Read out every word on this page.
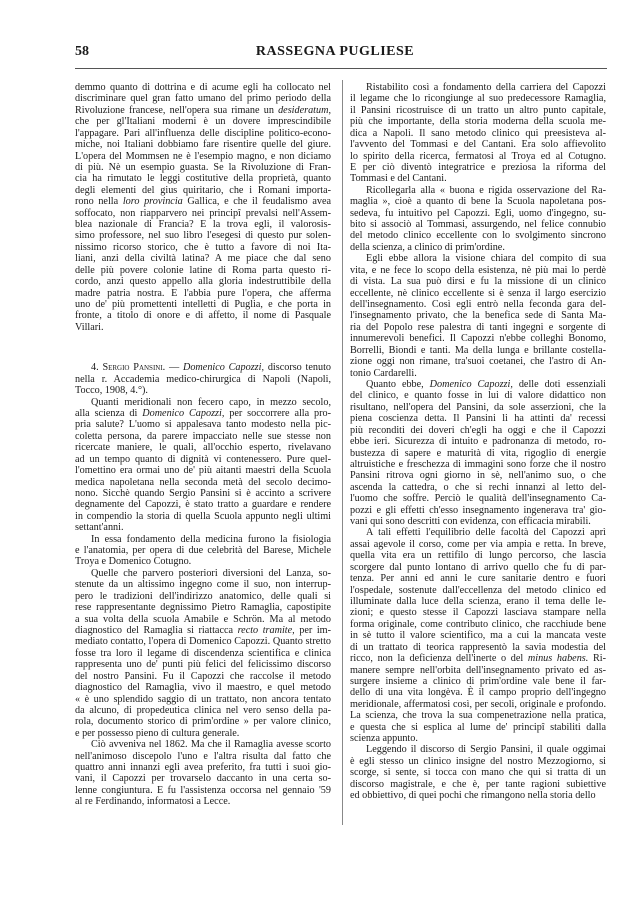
58	RASSEGNA PUGLIESE
demmo quanto di dottrina e di acume egli ha collocato nel
discriminare quel gran fatto umano del primo periodo della
Rivoluzione francese, nell'opera sua rimane un desideratum,
che per gl'Italiani moderni è un dovere imprescindibile
l'appagare. Pari all'influenza delle discipline politico-econo-
miche, noi Italiani dobbiamo fare risentire quelle del giure.
L'opera del Mommsen ne è l'esempio magno, e non diciamo
di più. Nè un esempio guasta. Se la Rivoluzione di Fran-
cia ha rimutato le leggi costitutive della proprietà, quanto
degli elementi del gius quiritario, che i Romani importa-
rono nella loro provincia Gallica, e che il feudalismo avea
soffocato, non riapparvero nei principî prevalsi nell'Assem-
blea nazionale di Francia? E la trova egli, il valorosis-
simo professore, nel suo libro l'esegesi di questo pur solen-
nissimo ricorso storico, che è tutto a favore di noi Ita-
liani, anzi della civiltà latina? A me piace che dal seno
delle più povere colonie latine di Roma parta questo ri-
cordo, anzi questo appello alla gloria indestruttibile della
madre patria nostra. E l'abbia pure l'opera, che afferma
uno de' più promettenti intelletti di Puglia, e che porta in
fronte, a titolo di onore e di affetto, il nome di Pasquale
Villari.
4. Sergio Pansini. — Domenico Capozzi, discorso tenuto
nella r. Accademia medico-chirurgica di Napoli (Napoli,
Tocco, 1908, 4.°).
Quanti meridionali non fecero capo, in mezzo secolo,
alla scienza di Domenico Capozzi, per soccorrere alla pro-
pria salute? L'uomo si appalesava tanto modesto nella pic-
coletta persona, da parere impacciato nelle sue stesse non
ricercate maniere, le quali, all'occhio esperto, rivelavano
ad un tempo quanto di dignità vi contenessero. Pure quel-
l'omettino era ormai uno de' più aitanti maestri della Scuola
medica napoletana nella seconda metà del secolo decimo-
nono. Sicchè quando Sergio Pansini si è accinto a scrivere
degnamente del Capozzi, è stato tratto a guardare e rendere
in compendio la storia di quella Scuola appunto negli ultimi
settant'anni.
In essa fondamento della medicina furono la fisiologia
e l'anatomia, per opera di due celebrità del Barese, Michele
Troya e Domenico Cotugno.
Quelle che parvero posteriori diversioni del Lanza, so-
stenute da un altissimo ingegno come il suo, non interrup-
pero le tradizioni dell'indirizzo anatomico, delle quali si
rese rappresentante degnissimo Pietro Ramaglia, capostipite
a sua volta della scuola Amabile e Schrön. Ma al metodo
diagnostico del Ramaglia si riattacca recto tramite, per im-
mediato contatto, l'opera di Domenico Capozzi. Quanto stretto
fosse tra loro il legame di discendenza scientifica e clinica
rappresenta uno de' punti più felici del felicissimo discorso
del nostro Pansini. Fu il Capozzi che raccolse il metodo
diagnostico del Ramaglia, vivo il maestro, e quel metodo
« è uno splendido saggio di un trattato, non ancora tentato
da alcuno, di propedeutica clinica nel vero senso della pa-
rola, documento storico di prim'ordine » per valore clinico,
e per possesso pieno di cultura generale.
Ciò avveniva nel 1862. Ma che il Ramaglia avesse scorto
nell'animoso discepolo l'uno e l'altra risulta dal fatto che
quattro anni innanzi egli avea preferito, fra tutti i suoi gio-
vani, il Capozzi per trovarselo daccanto in una certa so-
lenne congiuntura. E fu l'assistenza occorsa nel gennaio '59
al re Ferdinando, informatosi a Lecce.
Ristabilito così a fondamento della carriera del Capozzi
il legame che lo ricongiunge al suo predecessore Ramaglia,
il Pansini ricostruisce di un tratto un altro punto capitale,
più che importante, della storia moderna della scuola me-
dica a Napoli. Il sano metodo clinico qui preesisteva al-
l'avvento del Tommasi e del Cantani. Era solo affievolito
lo spirito della ricerca, fermatosi al Troya ed al Cotugno.
E per ciò diventò integratrice e preziosa la riforma del
Tommasi e del Cantani.
Ricollegarla alla « buona e rigida osservazione del Ra-
maglia », cioè a quanto di bene la Scuola napoletana pos-
sedeva, fu intuitivo pel Capozzi. Egli, uomo d'ingegno, su-
bito si associò al Tommasi, assurgendo, nel felice connubio
del metodo clinico eccellente con lo svolgimento sincrono
della scienza, a clinico di prim'ordine.
Egli ebbe allora la visione chiara del compito di sua
vita, e ne fece lo scopo della esistenza, nè più mai lo perdè
di vista. La sua può dirsi e fu la missione di un clinico
eccellente, nè clinico eccellente si è senza il largo esercizio
dell'insegnamento. Così egli entrò nella feconda gara del-
l'insegnamento privato, che la benefica sede di Santa Ma-
ria del Popolo rese palestra di tanti ingegni e sorgente di
innumerevoli benefici. Il Capozzi n'ebbe colleghi Bonomo,
Borrelli, Biondi e tanti. Ma della lunga e brillante costella-
zione oggi non rimane, tra'suoi coetanei, che l'astro di An-
tonio Cardarelli.
Quanto ebbe, Domenico Capozzi, delle doti essenziali
del clinico, e quanto fosse in lui di valore didattico non
risultano, nell'opera del Pansini, da sole asserzioni, che la
piena coscienza detta. Il Pansini li ha attinti da' recessi
più reconditi dei doveri ch'egli ha oggi e che il Capozzi
ebbe ieri. Sicurezza di intuito e padronanza di metodo, ro-
bustezza di sapere e maturità di vita, rigoglio di energie
altruistiche e freschezza di immagini sono forze che il nostro
Pansini ritrova ogni giorno in sè, nell'animo suo, o che
ascenda la cattedra, o che si rechi innanzi al letto del-
l'uomo che soffre. Perciò le qualità dell'insegnamento Ca-
pozzi e gli effetti ch'esso insegnamento ingenerava tra' gio-
vani qui sono descritti con evidenza, con efficacia mirabili.
A tali effetti l'equilibrio delle facoltà del Capozzi aprì
assai agevole il corso, come per via ampia e retta. In breve,
quella vita era un rettifilo di lungo percorso, che lascia
scorgere dal punto lontano di arrivo quello che fu di par-
tenza. Per anni ed anni le cure sanitarie dentro e fuori
l'ospedale, sostenute dall'eccellenza del metodo clinico ed
illuminate dalla luce della scienza, erano il tema delle le-
zioni; e questo stesse il Capozzi lasciava stampare nella
forma originale, come contributo clinico, che racchiude bene
in sè tutto il valore scientifico, ma a cui la mancata veste
di un trattato di teorica rappresentò la savia modestia del
ricco, non la deficienza dell'inerte o del minus habens. Ri-
manere sempre nell'orbita dell'insegnamento privato ed as-
surgere insieme a clinico di prim'ordine vale bene il far-
dello di una vita longèva. È il campo proprio dell'ingegno
meridionale, affermatosi così, per secoli, originale e profondo.
La scienza, che trova la sua compenetrazione nella pratica,
e questa che si esplica al lume de' principî stabiliti dalla
scienza appunto.
Leggendo il discorso di Sergio Pansini, il quale oggimai
è egli stesso un clinico insigne del nostro Mezzogiorno, si
scorge, si sente, si tocca con mano che qui si tratta di un
discorso magistrale, e che è, per tante ragioni subiettive
ed obbiettivo, di quei pochi che rimangono nella storia dello
